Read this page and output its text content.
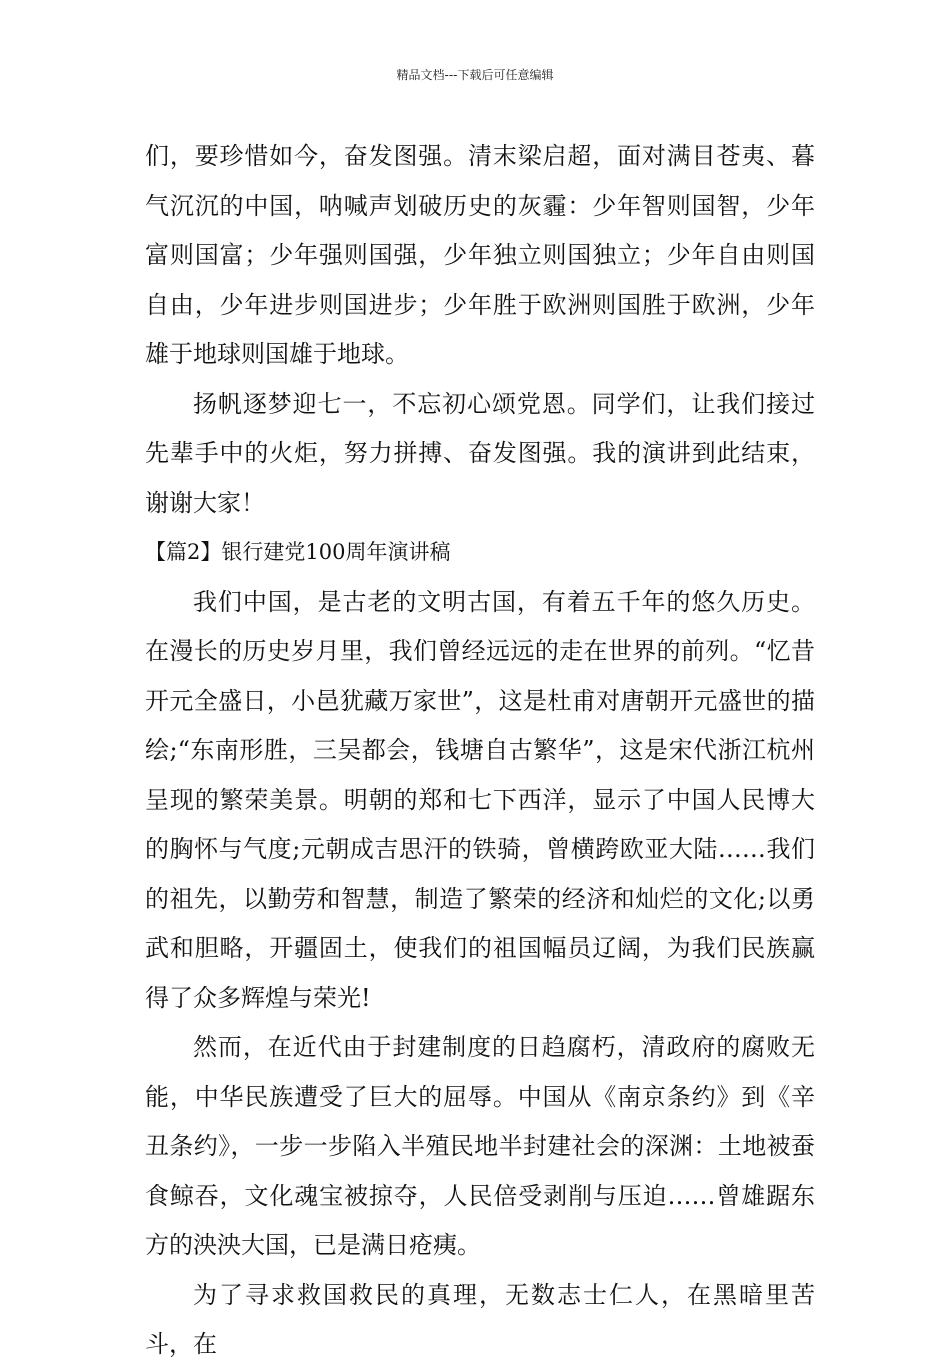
精品文档---下载后可任意编辑

们，要珍惜如今，奋发图强。清末梁启超，面对满目苍夷、暮气沉沉的中国，呐喊声划破历史的灰霾：少年智则国智，少年富则国富；少年强则国强，少年独立则国独立；少年自由则国自由，少年进步则国进步；少年胜于欧洲则国胜于欧洲，少年雄于地球则国雄于地球。

扬帆逐梦迎七一，不忘初心颂党恩。同学们，让我们接过先辈手中的火炬，努力拼搏、奋发图强。我的演讲到此结束，谢谢大家！

【篇2】银行建党100周年演讲稿

我们中国，是古老的文明古国，有着五千年的悠久历史。在漫长的历史岁月里，我们曾经远远的走在世界的前列。“忆昔开元全盛日，小邑犹藏万家世”，这是杜甫对唐朝开元盛世的描绘;“东南形胜，三吴都会，钱塘自古繁华”，这是宋代浙江杭州呈现的繁荣美景。明朝的郑和七下西洋，显示了中国人民博大的胸怀与气度;元朝成吉思汗的铁骑，曾横跨欧亚大陆……我们的祖先，以勤劳和智慧，制造了繁荣的经济和灿烂的文化;以勇武和胆略，开疆固土，使我们的祖国幅员辽阔，为我们民族赢得了众多辉煌与荣光!

然而，在近代由于封建制度的日趋腐朽，清政府的腐败无能，中华民族遭受了巨大的屈辱。中国从《南京条约》到《辛丑条约》，一步一步陷入半殖民地半封建社会的深渊：土地被蚕食鲸吞，文化魂宝被掠夺，人民倍受剥削与压迫……曾雄踞东方的泱泱大国，已是满日疮痍。

为了寻求救国救民的真理，无数志士仁人，在黑暗里苦斗，在
